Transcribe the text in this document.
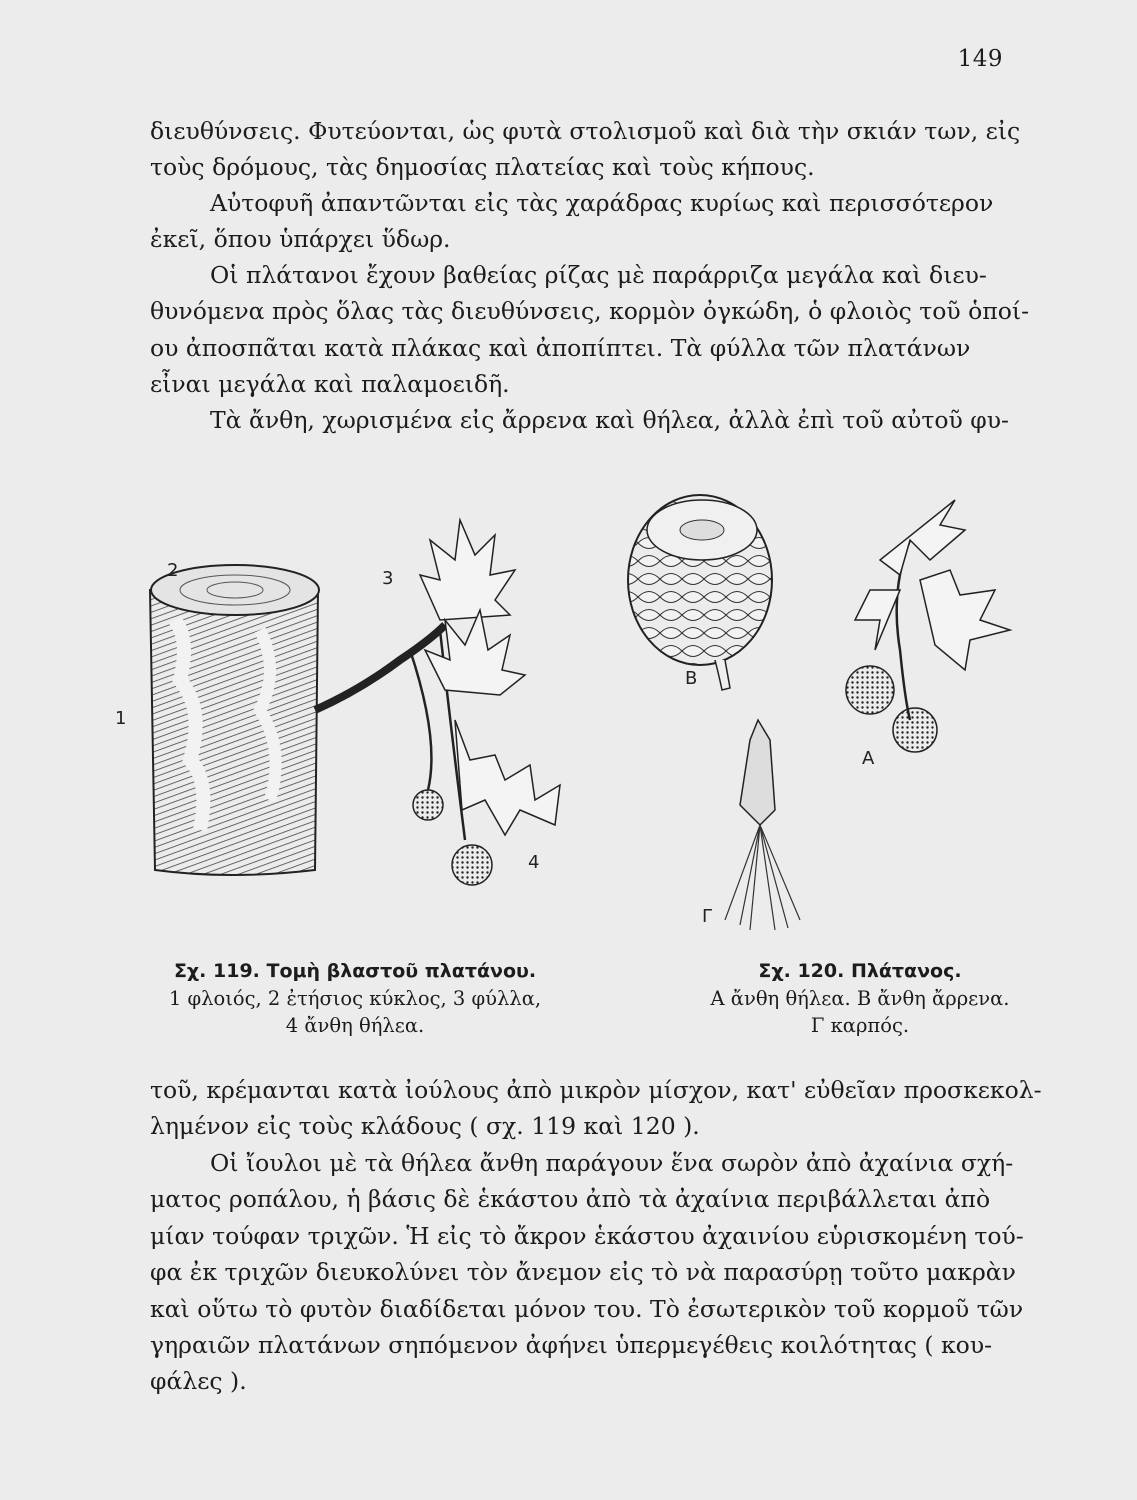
149

διευθύνσεις. Φυτεύονται, ὡς φυτὰ στολισμοῦ καὶ διὰ τὴν σκιάν των, εἰς
τοὺς δρόμους, τὰς δημοσίας πλατείας καὶ τοὺς κήπους.

Αὐτοφυῆ ἀπαντῶνται εἰς τὰς χαράδρας κυρίως καὶ περισσότερον
ἐκεῖ, ὅπου ὑπάρχει ὕδωρ.

Οἱ πλάτανοι ἔχουν βαθείας ρίζας μὲ παράρριζα μεγάλα καὶ διευ-
θυνόμενα πρὸς ὅλας τὰς διευθύνσεις, κορμὸν ὀγκώδη, ὁ φλοιὸς τοῦ ὁποί-
ου ἀποσπᾶται κατὰ πλάκας καὶ ἀποπίπτει. Τὰ φύλλα τῶν πλατάνων
εἶναι μεγάλα καὶ παλαμοειδῆ.

Τὰ ἄνθη, χωρισμένα εἰς ἄρρενα καὶ θήλεα, ἀλλὰ ἐπὶ τοῦ αὐτοῦ φυ-

1
2	3
4
Β
Α
Γ
Σχ. 119. Τομὴ βλαστοῦ πλατάνου.
1 φλοιός, 2 ἐτήσιος κύκλος, 3 φύλλα,
4 ἄνθη θήλεα.
Σχ. 120. Πλάτανος.
Α ἄνθη θήλεα. Β ἄνθη ἄρρενα.
Γ καρπός.

τοῦ, κρέμανται κατὰ ἰούλους ἀπὸ μικρὸν μίσχον, κατ' εὐθεῖαν προσκεκολ-
λημένον εἰς τοὺς κλάδους ( σχ. 119 καὶ 120 ).

Οἱ ἴουλοι μὲ τὰ θήλεα ἄνθη παράγουν ἕνα σωρὸν ἀπὸ ἀχαίνια σχή-
ματος ροπάλου, ἡ βάσις δὲ ἑκάστου ἀπὸ τὰ ἀχαίνια περιβάλλεται ἀπὸ
μίαν τούφαν τριχῶν. Ἡ εἰς τὸ ἄκρον ἑκάστου ἀχαινίου εὑρισκομένη τού-
φα ἐκ τριχῶν διευκολύνει τὸν ἄνεμον εἰς τὸ νὰ παρασύρῃ τοῦτο μακρὰν
καὶ οὕτω τὸ φυτὸν διαδίδεται μόνον του. Τὸ ἐσωτερικὸν τοῦ κορμοῦ τῶν
γηραιῶν πλατάνων σηπόμενον ἀφήνει ὑπερμεγέθεις κοιλότητας ( κου-
φάλες ).
